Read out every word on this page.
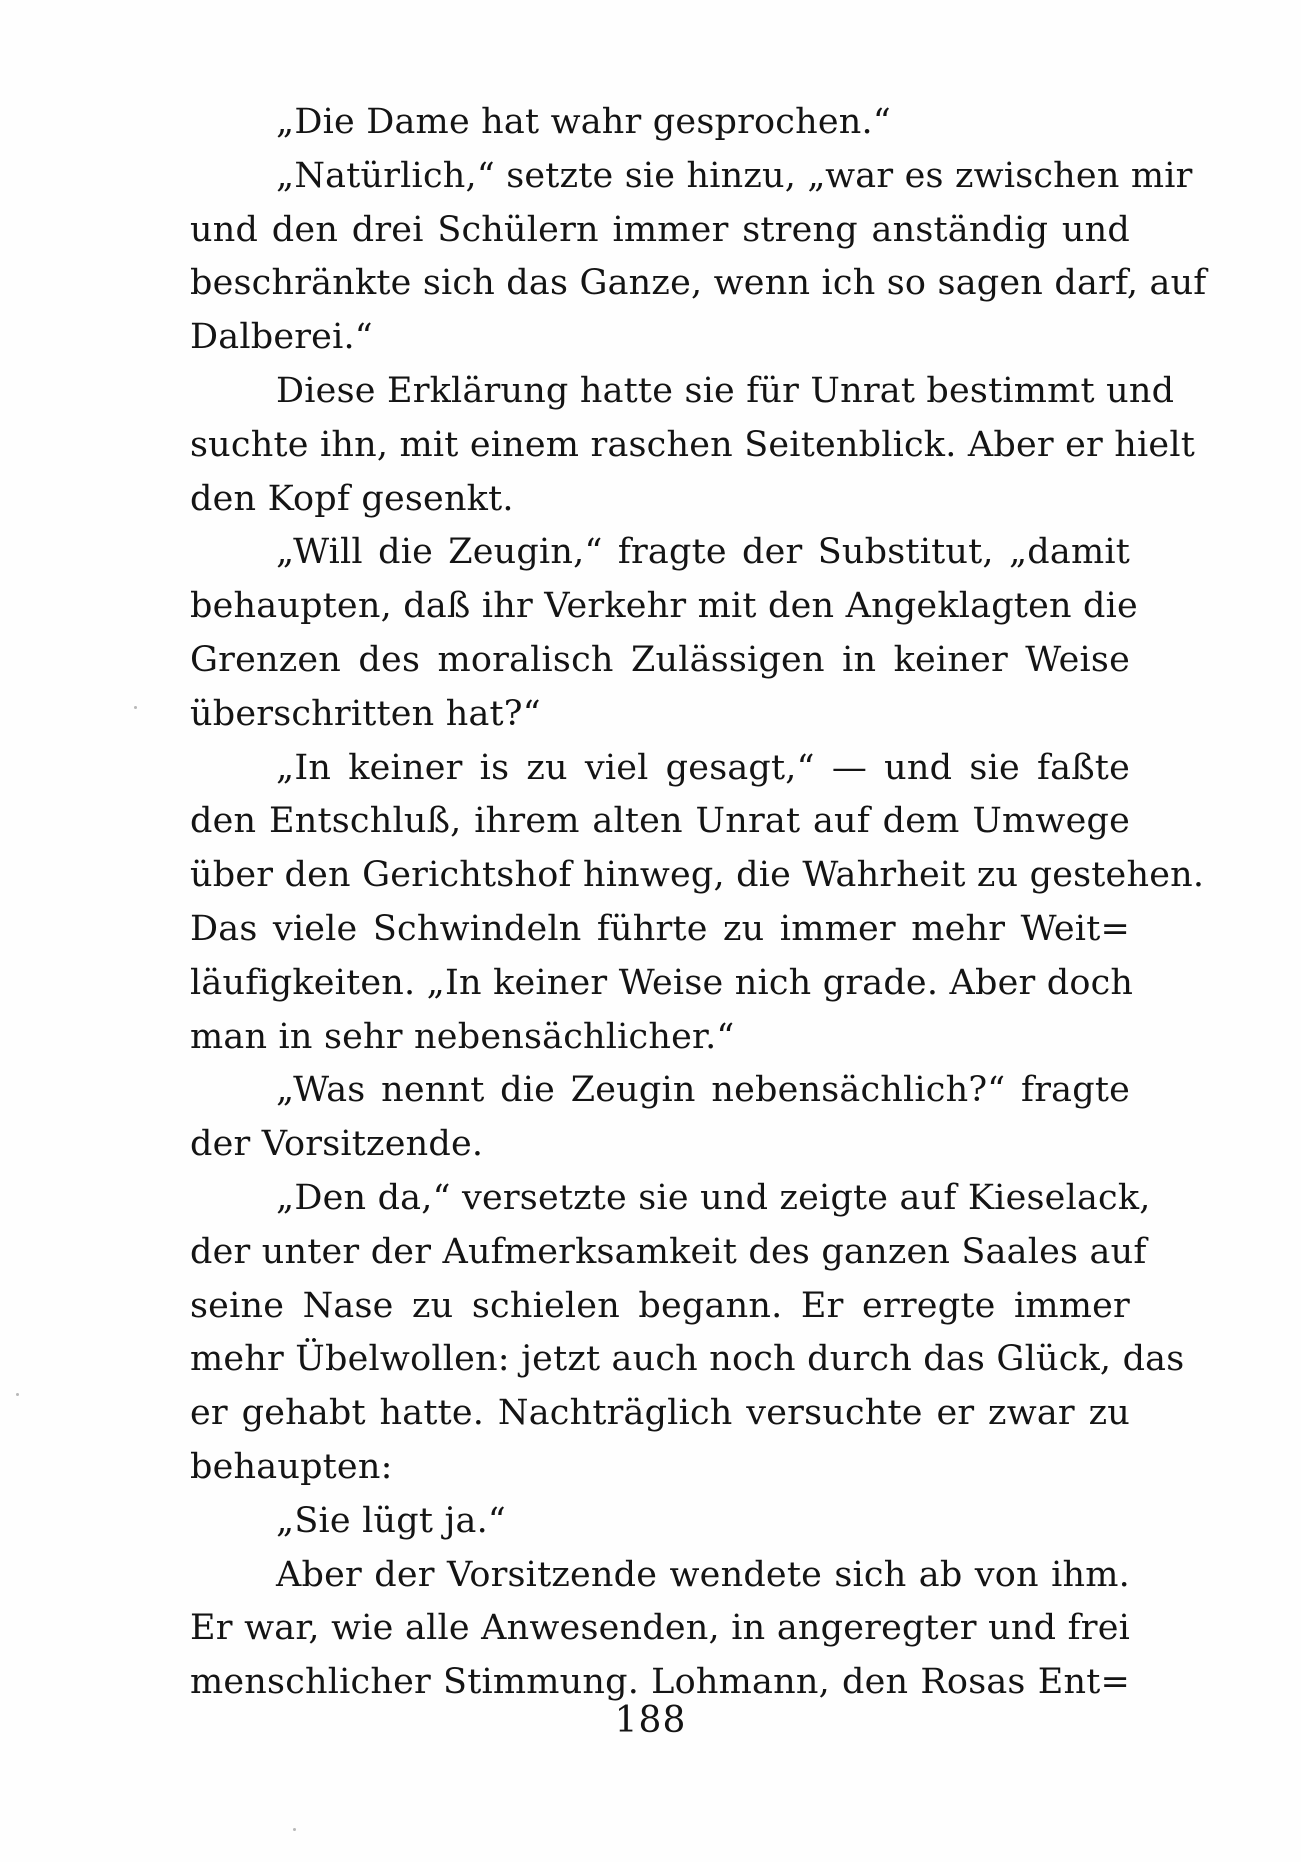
„Die Dame hat wahr gesprochen.“
„Natürlich,“ setzte sie hinzu, „war es zwischen mir
und den drei Schülern immer streng anständig und
beschränkte sich das Ganze, wenn ich so sagen darf, auf
Dalberei.“
Diese Erklärung hatte sie für Unrat bestimmt und
suchte ihn, mit einem raschen Seitenblick. Aber er hielt
den Kopf gesenkt.
„Will die Zeugin,“ fragte der Substitut, „damit
behaupten, daß ihr Verkehr mit den Angeklagten die
Grenzen des moralisch Zulässigen in keiner Weise
überschritten hat?“
„In keiner is zu viel gesagt,“ — und sie faßte
den Entschluß, ihrem alten Unrat auf dem Umwege
über den Gerichtshof hinweg, die Wahrheit zu gestehen.
Das viele Schwindeln führte zu immer mehr Weit=
läufigkeiten. „In keiner Weise nich grade. Aber doch
man in sehr nebensächlicher.“
„Was nennt die Zeugin nebensächlich?“ fragte
der Vorsitzende.
„Den da,“ versetzte sie und zeigte auf Kieselack,
der unter der Aufmerksamkeit des ganzen Saales auf
seine Nase zu schielen begann. Er erregte immer
mehr Übelwollen: jetzt auch noch durch das Glück, das
er gehabt hatte. Nachträglich versuchte er zwar zu
behaupten:
„Sie lügt ja.“
Aber der Vorsitzende wendete sich ab von ihm.
Er war, wie alle Anwesenden, in angeregter und frei
menschlicher Stimmung. Lohmann, den Rosas Ent=
188
